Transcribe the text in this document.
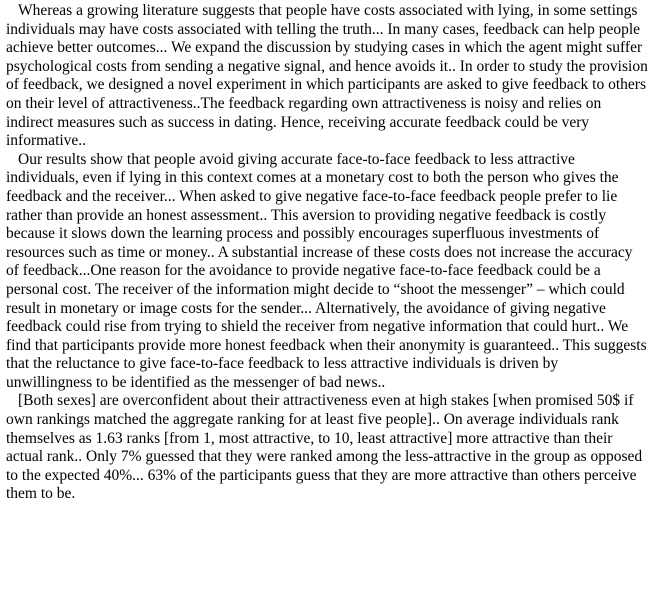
Whereas a growing literature suggests that people have costs associated with lying, in some settings individuals may have costs associated with telling the truth... In many cases, feedback can help people achieve better outcomes... We expand the discussion by studying cases in which the agent might suffer psychological costs from sending a negative signal, and hence avoids it.. In order to study the provision of feedback, we designed a novel experiment in which participants are asked to give feedback to others on their level of attractiveness..The feedback regarding own attractiveness is noisy and relies on indirect measures such as success in dating. Hence, receiving accurate feedback could be very informative..

Our results show that people avoid giving accurate face-to-face feedback to less attractive individuals, even if lying in this context comes at a monetary cost to both the person who gives the feedback and the receiver... When asked to give negative face-to-face feedback people prefer to lie rather than provide an honest assessment.. This aversion to providing negative feedback is costly because it slows down the learning process and possibly encourages superfluous investments of resources such as time or money.. A substantial increase of these costs does not increase the accuracy of feedback...One reason for the avoidance to provide negative face-to-face feedback could be a personal cost. The receiver of the information might decide to “shoot the messenger” – which could result in monetary or image costs for the sender... Alternatively, the avoidance of giving negative feedback could rise from trying to shield the receiver from negative information that could hurt.. We find that participants provide more honest feedback when their anonymity is guaranteed.. This suggests that the reluctance to give face-to-face feedback to less attractive individuals is driven by unwillingness to be identified as the messenger of bad news..

[Both sexes] are overconfident about their attractiveness even at high stakes [when promised 50$ if own rankings matched the aggregate ranking for at least five people].. On average individuals rank themselves as 1.63 ranks [from 1, most attractive, to 10, least attractive] more attractive than their actual rank.. Only 7% guessed that they were ranked among the less-attractive in the group as opposed to the expected 40%... 63% of the participants guess that they are more attractive than others perceive them to be.
